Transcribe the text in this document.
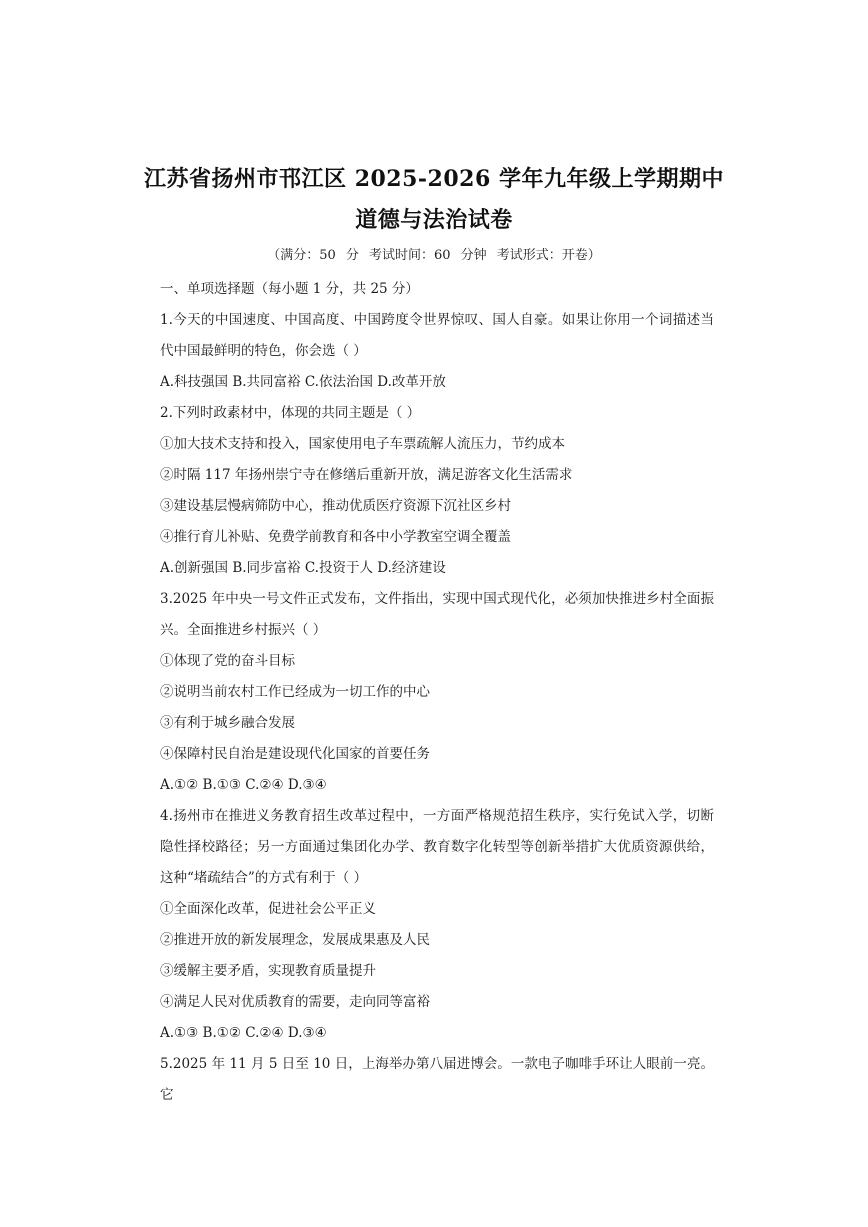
江苏省扬州市邗江区 2025-2026 学年九年级上学期期中
道德与法治试卷
（满分：50 分 考试时间：60 分钟 考试形式：开卷）
一、单项选择题（每小题 1 分，共 25 分）
1.今天的中国速度、中国高度、中国跨度令世界惊叹、国人自豪。如果让你用一个词描述当
代中国最鲜明的特色，你会选（ ）
A.科技强国 B.共同富裕 C.依法治国 D.改革开放
2.下列时政素材中，体现的共同主题是（ ）
①加大技术支持和投入，国家使用电子车票疏解人流压力，节约成本
②时隔 117 年扬州崇宁寺在修缮后重新开放，满足游客文化生活需求
③建设基层慢病筛防中心，推动优质医疗资源下沉社区乡村
④推行育儿补贴、免费学前教育和各中小学教室空调全覆盖
A.创新强国 B.同步富裕 C.投资于人 D.经济建设
3.2025 年中央一号文件正式发布，文件指出，实现中国式现代化，必须加快推进乡村全面振
兴。全面推进乡村振兴（ ）
①体现了党的奋斗目标
②说明当前农村工作已经成为一切工作的中心
③有利于城乡融合发展
④保障村民自治是建设现代化国家的首要任务
A.①② B.①③ C.②④ D.③④
4.扬州市在推进义务教育招生改革过程中，一方面严格规范招生秩序，实行免试入学，切断
隐性择校路径；另一方面通过集团化办学、教育数字化转型等创新举措扩大优质资源供给，
这种“堵疏结合”的方式有利于（ ）
①全面深化改革，促进社会公平正义
②推进开放的新发展理念，发展成果惠及人民
③缓解主要矛盾，实现教育质量提升
④满足人民对优质教育的需要，走向同等富裕
A.①③ B.①② C.②④ D.③④
5.2025 年 11 月 5 日至 10 日，上海举办第八届进博会。一款电子咖啡手环让人眼前一亮。它
